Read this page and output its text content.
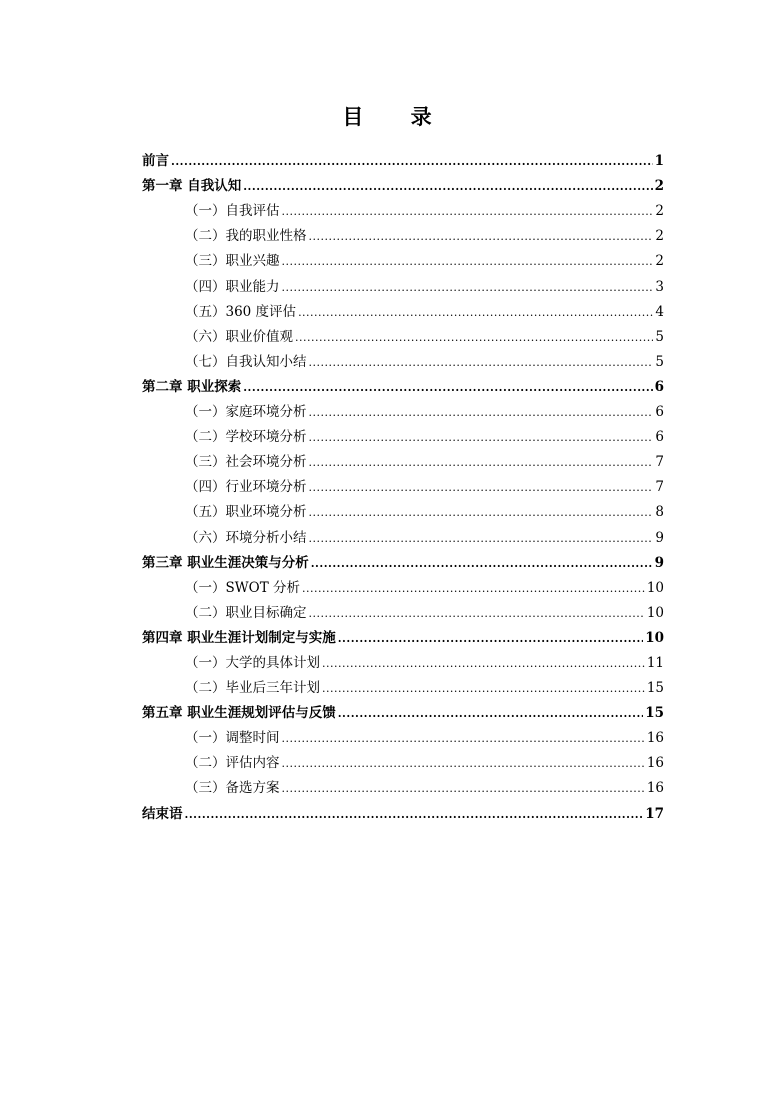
目 录
前言 .....	1
第一章 自我认知 .....	2
（一）自我评估 .....	2
（二）我的职业性格 .....	2
（三）职业兴趣 .....	2
（四）职业能力 .....	3
（五）360 度评估 .....	4
（六）职业价值观 .....	5
（七）自我认知小结 .....	5
第二章 职业探索 .....	6
（一）家庭环境分析 .....	6
（二）学校环境分析 .....	6
（三）社会环境分析 .....	7
（四）行业环境分析 .....	7
（五）职业环境分析 .....	8
（六）环境分析小结 .....	9
第三章 职业生涯决策与分析 .....	9
（一）SWOT 分析 .....	10
（二）职业目标确定 .....	10
第四章 职业生涯计划制定与实施 .....	10
（一）大学的具体计划 .....	11
（二）毕业后三年计划 .....	15
第五章 职业生涯规划评估与反馈 .....	15
（一）调整时间 .....	16
（二）评估内容 .....	16
（三）备选方案 .....	16
结束语 .....	17
